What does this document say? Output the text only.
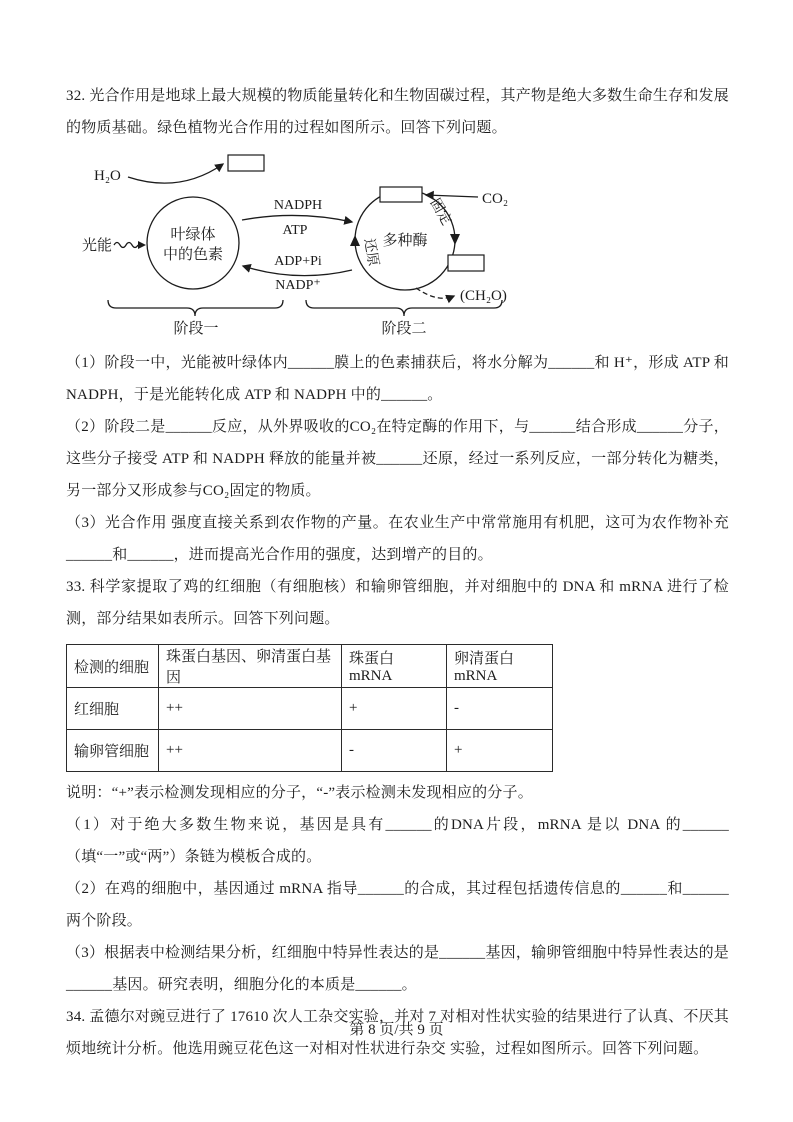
32. 光合作用是地球上最大规模的物质能量转化和生物固碳过程，其产物是绝大多数生命生存和发展的物质基础。绿色植物光合作用的过程如图所示。回答下列问题。

H₂O
光能
叶绿体
中的色素
NADPH
ATP
ADP+Pi
NADP⁺
多种酶
固定
还原
CO₂
(CH₂O)
阶段一	阶段二

（1）阶段一中，光能被叶绿体内______膜上的色素捕获后，将水分解为______和 H⁺，形成 ATP 和 NADPH，于是光能转化成 ATP 和 NADPH 中的______。

（2）阶段二是______反应，从外界吸收的CO₂在特定酶的作用下，与______结合形成______分子，这些分子接受 ATP 和 NADPH 释放的能量并被______还原，经过一系列反应，一部分转化为糖类，另一部分又形成参与CO₂固定的物质。

（3）光合作用 强度直接关系到农作物的产量。在农业生产中常常施用有机肥，这可为农作物补充______和______，进而提高光合作用的强度，达到增产的目的。

33. 科学家提取了鸡的红细胞（有细胞核）和输卵管细胞，并对细胞中的 DNA 和 mRNA 进行了检测，部分结果如表所示。回答下列问题。

检测的细胞	珠蛋白基因、卵清蛋白基因	珠蛋白 mRNA	卵清蛋白 mRNA
红细胞	++	+	-
输卵管细胞	++	-	+

说明：“+”表示检测发现相应的分子，“-”表示检测未发现相应的分子。

（1）对于绝大多数生物来说，基因是具有______的DNA片段，mRNA 是以 DNA 的______（填“一”或“两”）条链为模板合成的。

（2）在鸡的细胞中，基因通过 mRNA 指导______的合成，其过程包括遗传信息的______和______两个阶段。

（3）根据表中检测结果分析，红细胞中特异性表达的是______基因，输卵管细胞中特异性表达的是______基因。研究表明，细胞分化的本质是______。

34. 孟德尔对豌豆进行了 17610 次人工杂交实验，并对 7 对相对性状实验的结果进行了认真、不厌其烦地统计分析。他选用豌豆花色这一对相对性状进行杂交 实验，过程如图所示。回答下列问题。

第 8 页/共 9 页
